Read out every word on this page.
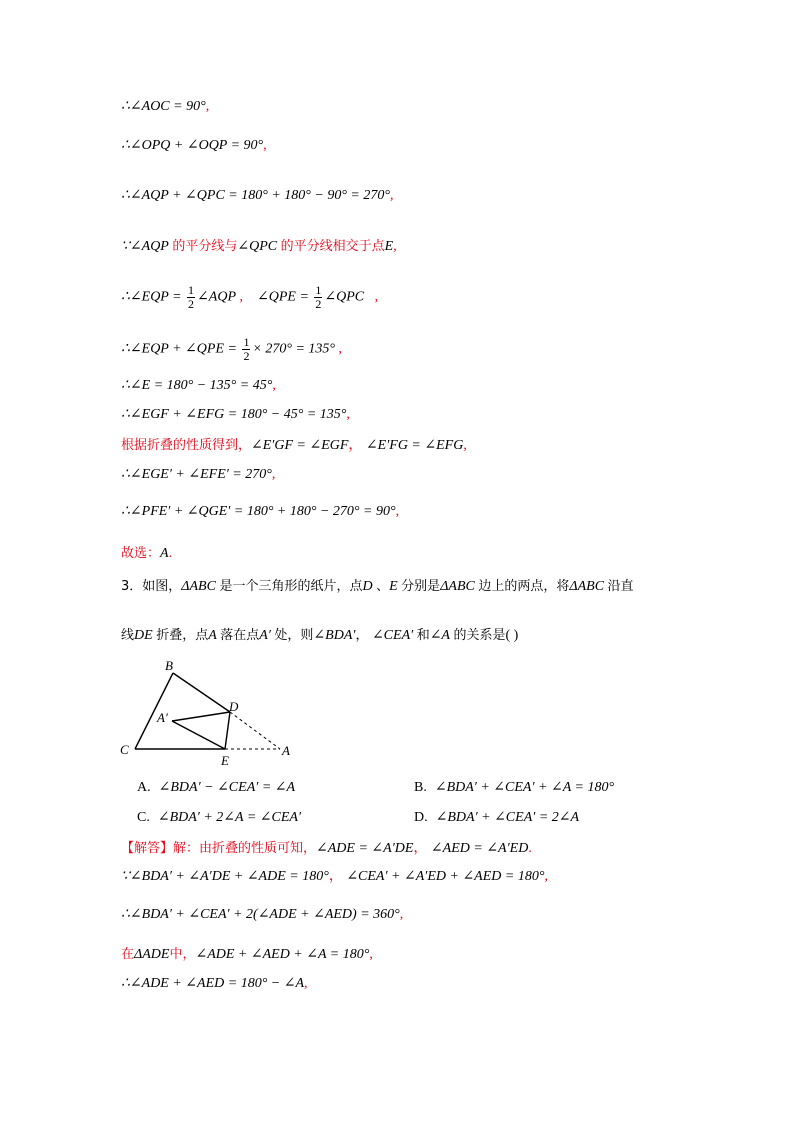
∴∠AOC = 90°,
∴∠OPQ + ∠OQP = 90°,
∴∠AQP + ∠QPC = 180° + 180° − 90° = 270°,
∵∠AQP 的平分线与∠QPC 的平分线相交于点E,
∴∠EQP = $\frac{1}{2}$ ∠AQP , ∠QPE = $\frac{1}{2}$ ∠QPC ,
∴∠EQP + ∠QPE = $\frac{1}{2} \times 270^\circ = 135^\circ$ ,
∴∠E = 180° − 135° = 45°,
∴∠EGF + ∠EFG = 180° − 45° = 135°,
根据折叠的性质得到，∠E′GF = ∠EGF， ∠E′FG = ∠EFG,
∴∠EGE′ + ∠EFE′ = 270°,
∴∠PFE′ + ∠QGE′ = 180° + 180° − 270° = 90°,
故选：A.
3．如图，ΔABC 是一个三角形的纸片，点D 、E 分别是ΔABC 边上的两点，将ΔABC 沿直
线DE 折叠，点A 落在点A′ 处，则∠BDA′， ∠CEA′ 和∠A 的关系是( )
B
C
D
E
A
A′
A. ∠BDA′ − ∠CEA′ = ∠A	B. ∠BDA′ + ∠CEA′ + ∠A = 180°
C. ∠BDA′ + 2∠A = ∠CEA′	D. ∠BDA′ + ∠CEA′ = 2∠A
【解答】解：由折叠的性质可知，∠ADE = ∠A′DE， ∠AED = ∠A′ED.
∵∠BDA′ + ∠A′DE + ∠ADE = 180°， ∠CEA′ + ∠A′ED + ∠AED = 180°,
∴∠BDA′ + ∠CEA′ + 2(∠ADE + ∠AED) = 360°,
在ΔADE中，∠ADE + ∠AED + ∠A = 180°,
∴∠ADE + ∠AED = 180° − ∠A,
